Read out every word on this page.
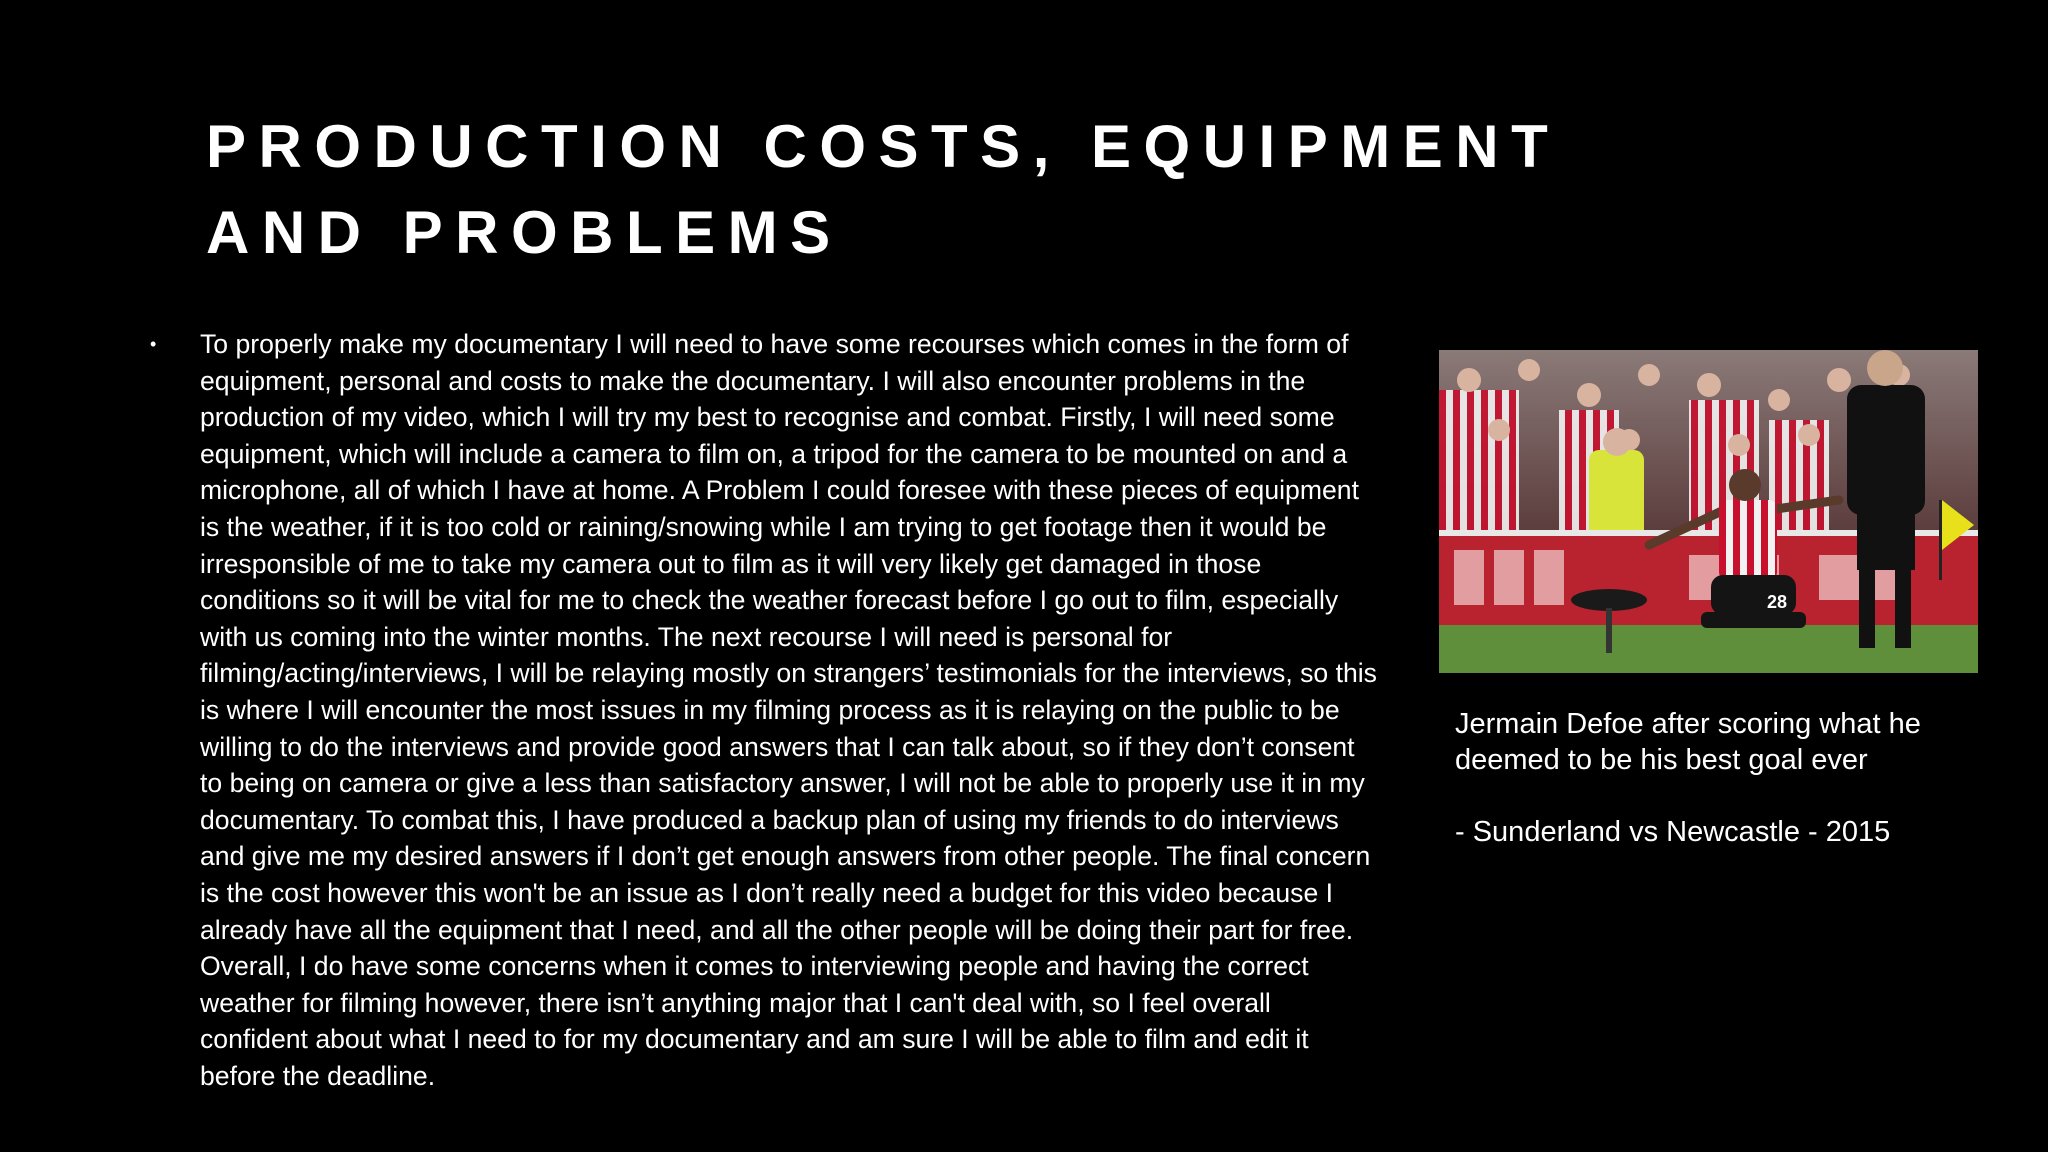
PRODUCTION COSTS, EQUIPMENT
AND PROBLEMS
•	To properly make my documentary I will need to have some recourses which comes in the form of equipment, personal and costs to make the documentary. I will also encounter problems in the production of my video, which I will try my best to recognise and combat. Firstly, I will need some equipment, which will include a camera to film on, a tripod for the camera to be mounted on and a microphone, all of which I have at home. A Problem I could foresee with these pieces of equipment is the weather, if it is too cold or raining/snowing while I am trying to get footage then it would be irresponsible of me to take my camera out to film as it will very likely get damaged in those conditions so it will be vital for me to check the weather forecast before I go out to film, especially with us coming into the winter months. The next recourse I will need is personal for filming/acting/interviews, I will be relaying mostly on strangers’ testimonials for the interviews, so this is where I will encounter the most issues in my filming process as it is relaying on the public to be willing to do the interviews and provide good answers that I can talk about, so if they don’t consent to being on camera or give a less than satisfactory answer, I will not be able to properly use it in my documentary. To combat this, I have produced a backup plan of using my friends to do interviews and give me my desired answers if I don’t get enough answers from other people. The final concern is the cost however this won't be an issue as I don’t really need a budget for this video because I already have all the equipment that I need, and all the other people will be doing their part for free. Overall, I do have some concerns when it comes to interviewing people and having the correct weather for filming however, there isn’t anything major that I can't deal with, so I feel overall confident about what I need to for my documentary and am sure I will be able to film and edit it before the deadline.

28

Jermain Defoe after scoring what he deemed to be his best goal ever

- Sunderland vs Newcastle - 2015
